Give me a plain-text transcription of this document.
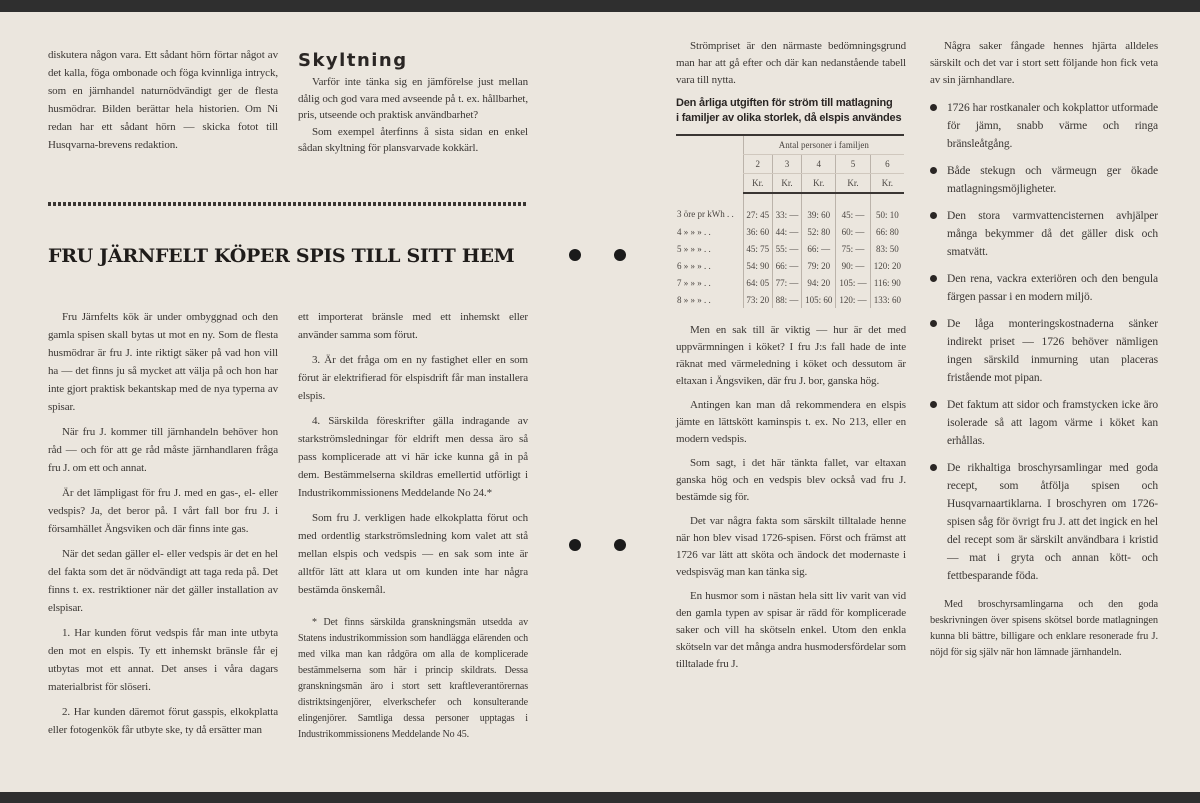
diskutera någon vara. Ett sådant hörn förtar något av det kalla, föga ombonade och föga kvinnliga intryck, som en järnhandel naturnödvändigt ger de flesta husmödrar. Bilden berättar hela historien. Om Ni redan har ett sådant hörn — skicka fotot till Husqvarna-brevens redaktion.

Skyltning

Varför inte tänka sig en jämförelse just mellan dålig och god vara med avseende på t. ex. hållbarhet, pris, utseende och praktisk användbarhet?

Som exempel återfinns å sista sidan en enkel sådan skyltning för plansvarvade kokkärl.

FRU JÄRNFELT KÖPER SPIS TILL SITT HEM

Fru Järnfelts kök är under ombyggnad och den gamla spisen skall bytas ut mot en ny. Som de flesta husmödrar är fru J. inte riktigt säker på vad hon vill ha — det finns ju så mycket att välja på och hon har inte gjort praktisk bekantskap med de nya typerna av spisar.

När fru J. kommer till järnhandeln behöver hon råd — och för att ge råd måste järnhandlaren fråga fru J. om ett och annat.

Är det lämpligast för fru J. med en gas-, el- eller vedspis? Ja, det beror på. I vårt fall bor fru J. i församhället Ängsviken och där finns inte gas.

När det sedan gäller el- eller vedspis är det en hel del fakta som det är nödvändigt att taga reda på. Det finns t. ex. restriktioner när det gäller installation av elspisar.

1. Har kunden förut vedspis får man inte utbyta den mot en elspis. Ty ett inhemskt bränsle får ej utbytas mot ett annat. Det anses i våra dagars materialbrist för slöseri.

2. Har kunden däremot förut gasspis, elkokplatta eller fotogenkök får utbyte ske, ty då ersätter man

ett importerat bränsle med ett inhemskt eller använder samma som förut.

3. Är det fråga om en ny fastighet eller en som förut är elektrifierad för elspisdrift får man installera elspis.

4. Särskilda föreskrifter gälla indragande av starkströmsledningar för eldrift men dessa äro så pass komplicerade att vi här icke kunna gå in på dem. Bestämmelserna skildras emellertid utförligt i Industrikommissionens Meddelande No 24.*

Som fru J. verkligen hade elkokplatta förut och med ordentlig starkströmsledning kom valet att stå mellan elspis och vedspis — en sak som inte är alltför lätt att klara ut om kunden inte har några bestämda önskemål.

* Det finns särskilda granskningsmän utsedda av Statens industrikommission som handlägga elärenden och med vilka man kan rådgöra om alla de komplicerade bestämmelserna som här i princip skildrats. Dessa granskningsmän äro i stort sett kraftleverantörernas distriktsingenjörer, elverkschefer och konsulterande elingenjörer. Samtliga dessa personer upptagas i Industrikommissionens Meddelande No 45.

Strömpriset är den närmaste bedömningsgrund man har att gå efter och där kan nedanstående tabell vara till nytta.

Den årliga utgiften för ström till matlagning
i familjer av olika storlek, då elspis användes
	Antal personer i familjen				
	2	3	4	5	6
	Kr.	Kr.	Kr.	Kr.	Kr.
3 öre pr kWh . .	27: 45	33: —	39: 60	45: —	50: 10
4 » » » . .	36: 60	44: —	52: 80	60: —	66: 80
5 » » » . .	45: 75	55: —	66: —	75: —	83: 50
6 » » » . .	54: 90	66: —	79: 20	90: —	120: 20
7 » » » . .	64: 05	77: —	94: 20	105: —	116: 90
8 » » » . .	73: 20	88: —	105: 60	120: —	133: 60

Men en sak till är viktig — hur är det med uppvärmningen i köket? I fru J:s fall hade de inte räknat med värmeledning i köket och dessutom är eltaxan i Ängsviken, där fru J. bor, ganska hög.

Antingen kan man då rekommendera en elspis jämte en lättskött kaminspis t. ex. No 213, eller en modern vedspis.

Som sagt, i det här tänkta fallet, var eltaxan ganska hög och en vedspis blev också vad fru J. bestämde sig för.

Det var några fakta som särskilt tilltalade henne när hon blev visad 1726-spisen. Först och främst att 1726 var lätt att sköta och ändock det modernaste i vedspisväg man kan tänka sig.

En husmor som i nästan hela sitt liv varit van vid den gamla typen av spisar är rädd för komplicerade saker och vill ha skötseln enkel. Utom den enkla skötseln var det många andra husmodersfördelar som tilltalade fru J.

Några saker fångade hennes hjärta alldeles särskilt och det var i stort sett följande hon fick veta av sin järnhandlare.

1726 har rostkanaler och kokplattor utformade för jämn, snabb värme och ringa bränsleåtgång.
Både stekugn och värmeugn ger ökade matlagningsmöjligheter.
Den stora varmvattencisternen avhjälper många bekymmer då det gäller disk och smatvätt.
Den rena, vackra exteriören och den bengula färgen passar i en modern miljö.
De låga monteringskostnaderna sänker indirekt priset — 1726 behöver nämligen ingen särskild inmurning utan placeras fristående mot pipan.
Det faktum att sidor och framstycken icke äro isolerade så att lagom värme i köket kan erhållas.
De rikhaltiga broschyrsamlingar med goda recept, som åtfölja spisen och Husqvarnaartiklarna. I broschyren om 1726-spisen såg för övrigt fru J. att det ingick en hel del recept som är särskilt användbara i kristid — mat i gryta och annan kött- och fettbesparande föda.

Med broschyrsamlingarna och den goda beskrivningen över spisens skötsel borde matlagningen kunna bli bättre, billigare och enklare resonerade fru J. nöjd för sig själv när hon lämnade järnhandeln.
